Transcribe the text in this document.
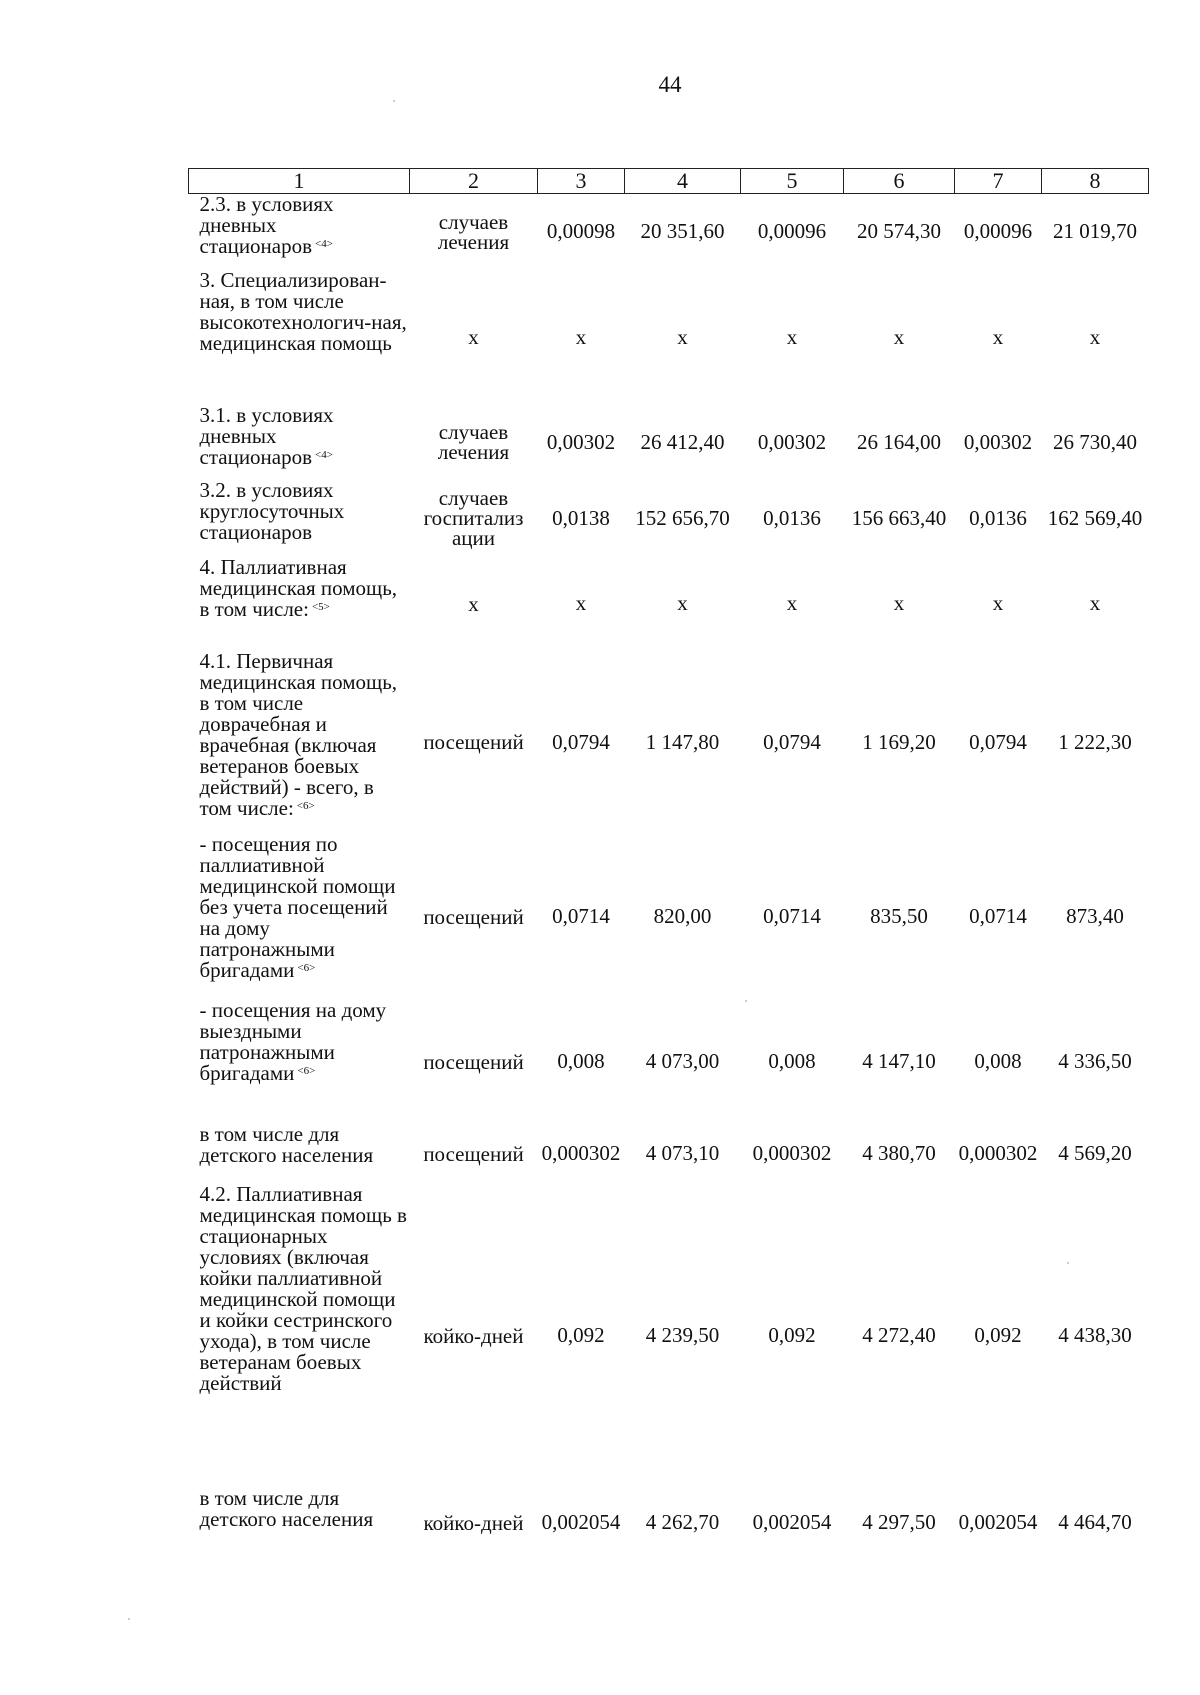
44
1	2	3	4	5	6	7	8
2.3. в условиях дневных стационаров $^{<4>}$	случаев лечения	0,00098	20 351,60	0,00096	20 574,30	0,00096	21 019,70
3. Специализирован-ная, в том числе высокотехнологич-ная, медицинская помощь	х	х	х	х	х	х	х
3.1. в условиях дневных стационаров $^{<4>}$	случаев лечения	0,00302	26 412,40	0,00302	26 164,00	0,00302	26 730,40
3.2. в условиях круглосуточных стационаров	случаев госпитализ ации	0,0138	152 656,70	0,0136	156 663,40	0,0136	162 569,40
4. Паллиативная медицинская помощь, в том числе: $^{<5>}$	х	х	х	х	х	х	х
4.1. Первичная медицинская помощь, в том числе доврачебная и врачебная (включая ветеранов боевых действий) - всего, в том числе: $^{<6>}$	посещений	0,0794	1 147,80	0,0794	1 169,20	0,0794	1 222,30
- посещения по паллиативной медицинской помощи без учета посещений на дому патронажными бригадами $^{<6>}$	посещений	0,0714	820,00	0,0714	835,50	0,0714	873,40
- посещения на дому выездными патронажными бригадами $^{<6>}$	посещений	0,008	4 073,00	0,008	4 147,10	0,008	4 336,50
в том числе для детского населения	посещений	0,000302	4 073,10	0,000302	4 380,70	0,000302	4 569,20
4.2. Паллиативная медицинская помощь в стационарных условиях (включая койки паллиативной медицинской помощи и койки сестринского ухода), в том числе ветеранам боевых действий	койко-дней	0,092	4 239,50	0,092	4 272,40	0,092	4 438,30
в том числе для детского населения	койко-дней	0,002054	4 262,70	0,002054	4 297,50	0,002054	4 464,70
